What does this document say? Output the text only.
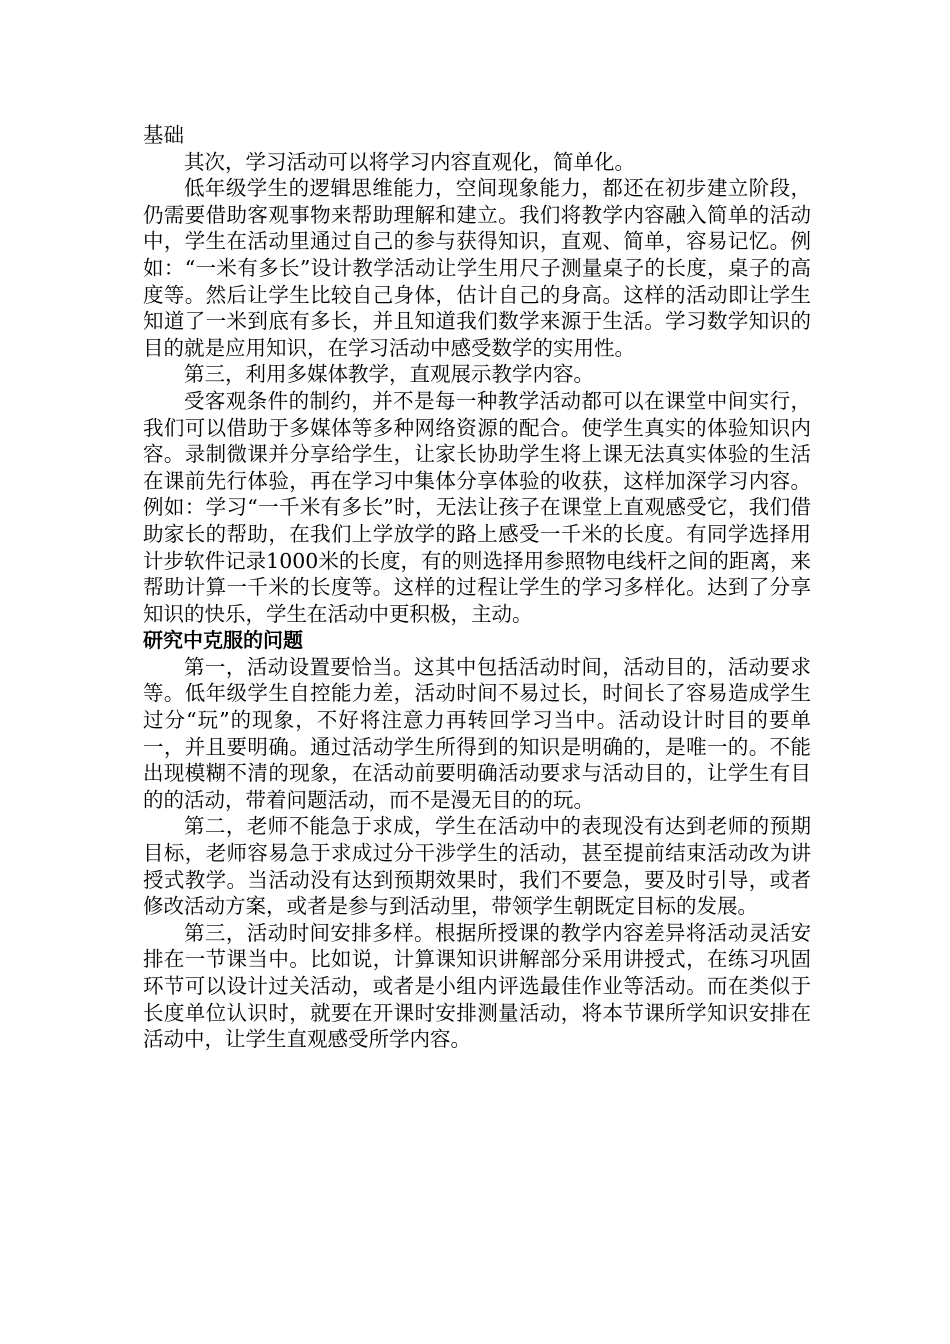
基础

其次，学习活动可以将学习内容直观化，简单化。

低年级学生的逻辑思维能力，空间现象能力，都还在初步建立阶段，仍需要借助客观事物来帮助理解和建立。我们将教学内容融入简单的活动中，学生在活动里通过自己的参与获得知识，直观、简单，容易记忆。例如：“一米有多长”设计教学活动让学生用尺子测量桌子的长度，桌子的高度等。然后让学生比较自己身体，估计自己的身高。这样的活动即让学生知道了一米到底有多长，并且知道我们数学来源于生活。学习数学知识的目的就是应用知识，在学习活动中感受数学的实用性。

第三，利用多媒体教学，直观展示教学内容。

受客观条件的制约，并不是每一种教学活动都可以在课堂中间实行，我们可以借助于多媒体等多种网络资源的配合。使学生真实的体验知识内容。录制微课并分享给学生，让家长协助学生将上课无法真实体验的生活在课前先行体验，再在学习中集体分享体验的收获，这样加深学习内容。例如：学习“一千米有多长”时，无法让孩子在课堂上直观感受它，我们借助家长的帮助，在我们上学放学的路上感受一千米的长度。有同学选择用计步软件记录1000米的长度，有的则选择用参照物电线杆之间的距离，来帮助计算一千米的长度等。这样的过程让学生的学习多样化。达到了分享知识的快乐，学生在活动中更积极，主动。

研究中克服的问题

第一，活动设置要恰当。这其中包括活动时间，活动目的，活动要求等。低年级学生自控能力差，活动时间不易过长，时间长了容易造成学生过分“玩”的现象，不好将注意力再转回学习当中。活动设计时目的要单一，并且要明确。通过活动学生所得到的知识是明确的，是唯一的。不能出现模糊不清的现象，在活动前要明确活动要求与活动目的，让学生有目的的活动，带着问题活动，而不是漫无目的的玩。

第二，老师不能急于求成，学生在活动中的表现没有达到老师的预期目标，老师容易急于求成过分干涉学生的活动，甚至提前结束活动改为讲授式教学。当活动没有达到预期效果时，我们不要急，要及时引导，或者修改活动方案，或者是参与到活动里，带领学生朝既定目标的发展。

第三，活动时间安排多样。根据所授课的教学内容差异将活动灵活安排在一节课当中。比如说，计算课知识讲解部分采用讲授式，在练习巩固环节可以设计过关活动，或者是小组内评选最佳作业等活动。而在类似于长度单位认识时，就要在开课时安排测量活动，将本节课所学知识安排在活动中，让学生直观感受所学内容。
